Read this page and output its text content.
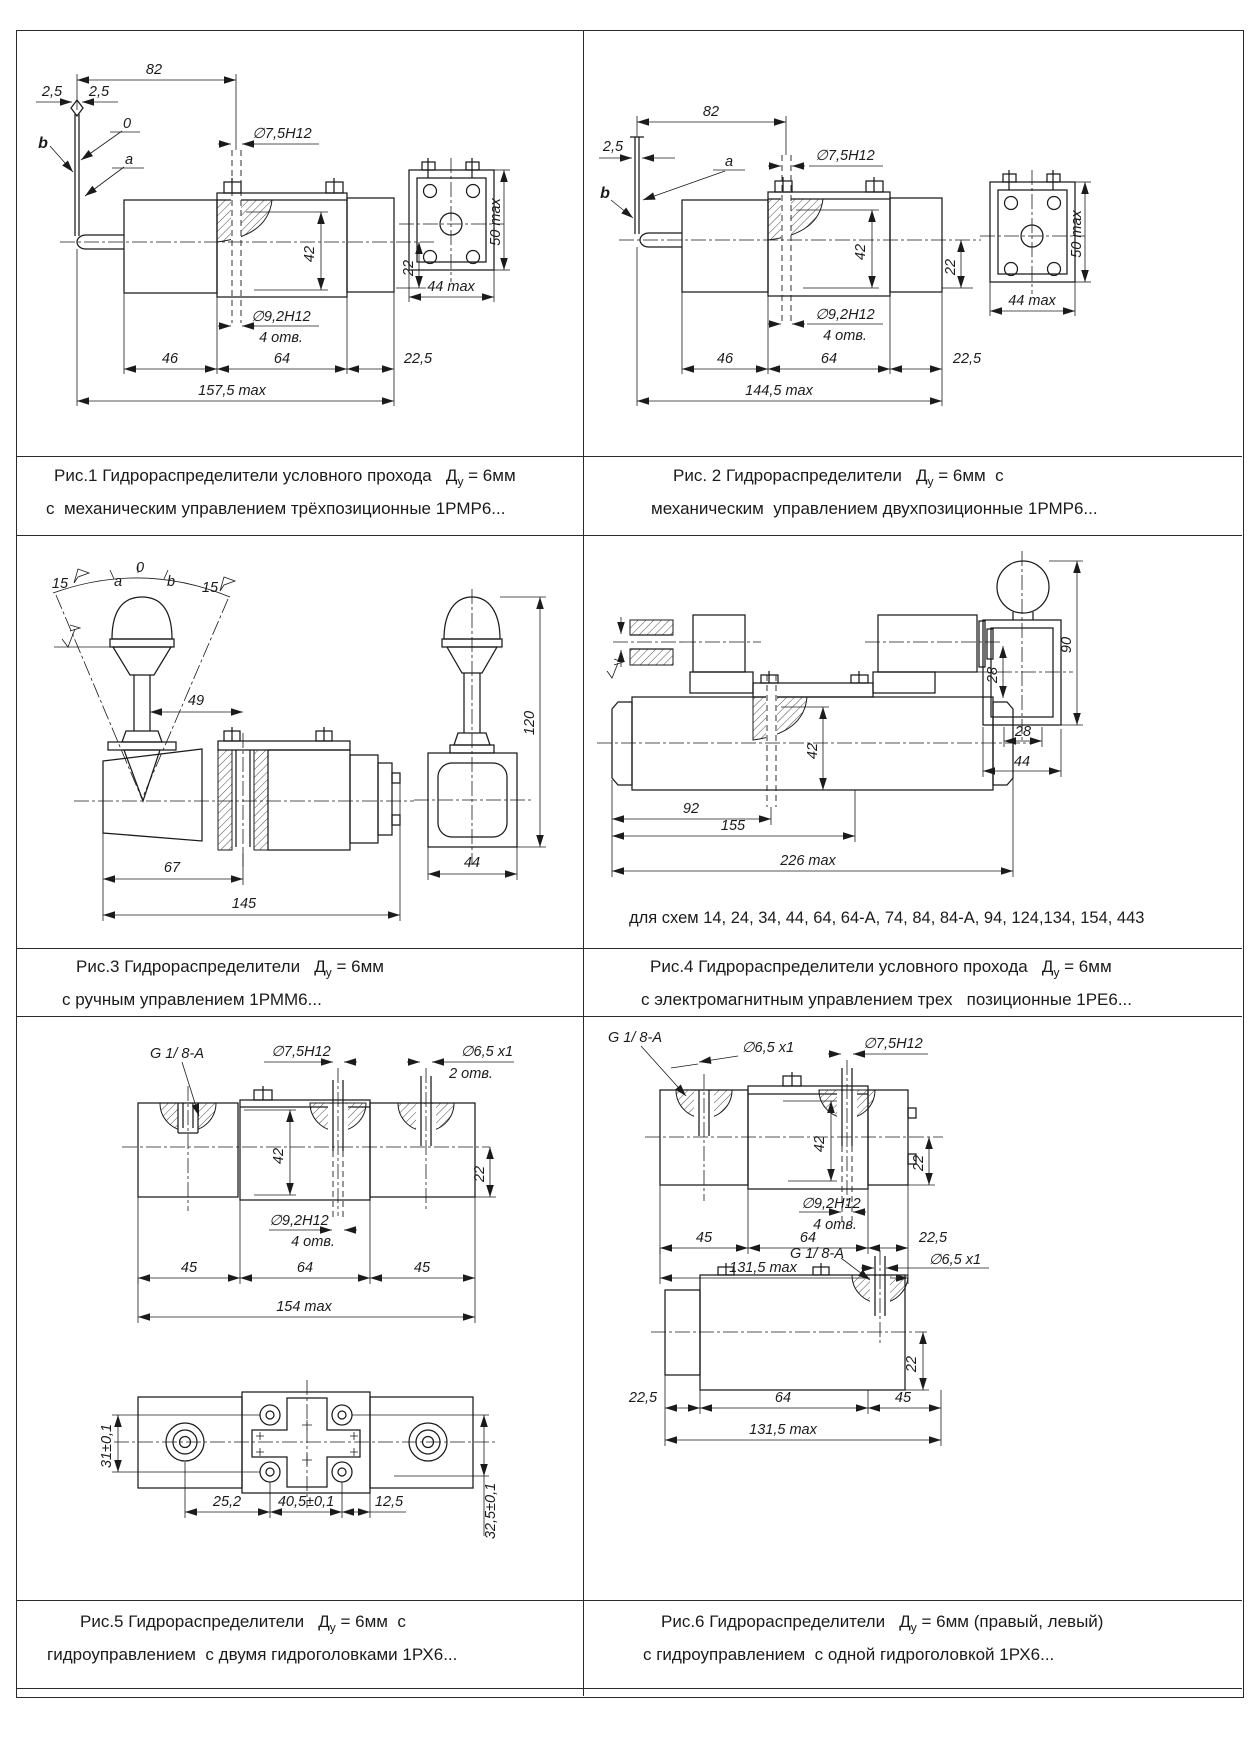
82
2,5 2,5
b
0
a
∅7,5H12
42
22
∅9,2H12
4 отв.
46	64	22,5
157,5 max
44 max
50 max
82
2,5
a
b
∅7,5H12
42
22
∅9,2H12
4 отв.
46	64	22,5
144,5 max
44 max
50 max
15	a
0
b 15
49
67
145
120
44
42
92
155
226 max
28
90
28
44
для схем 14, 24, 34, 44, 64, 64-А, 74, 84, 84-А, 94, 124,134, 154, 443
G 1/ 8-A	∅7,5H12	∅6,5 x1
2 отв.
42
22
∅9,2H12
4 отв.
45	64	45
154 max
31±0,1
25,2	40,5±0,1	12,5	32,5±0,1
G 1/ 8-A
∅6,5 x1	∅7,5H12
42
22
∅9,2H12
4 отв.
45	64	22,5
131,5 max
G 1/ 8-A	∅6,5 x1
22
22,5	64	45
131,5 max
Рис.1 Гидрораспределители условного прохода   $Д_у = 6мм$
с  механическим управлением трёхпозиционные 1РМР6...
Рис. 2 Гидрораспределители   $Д_у = 6мм$  с
механическим  управлением двухпозиционные 1РМР6...
Рис.3 Гидрораспределители   $Д_у = 6мм$
с ручным управлением 1РММ6...
Рис.4 Гидрораспределители условного прохода   $Д_у = 6мм$
с электромагнитным управлением трех   позиционные 1РЕ6...
Рис.5 Гидрораспределители   $Д_у = 6мм$  с
гидроуправлением  с двумя гидроголовками 1РХ6...
Рис.6 Гидрораспределители   $Д_у = 6мм$ (правый, левый)
с гидроуправлением  с одной гидроголовкой 1РХ6...
